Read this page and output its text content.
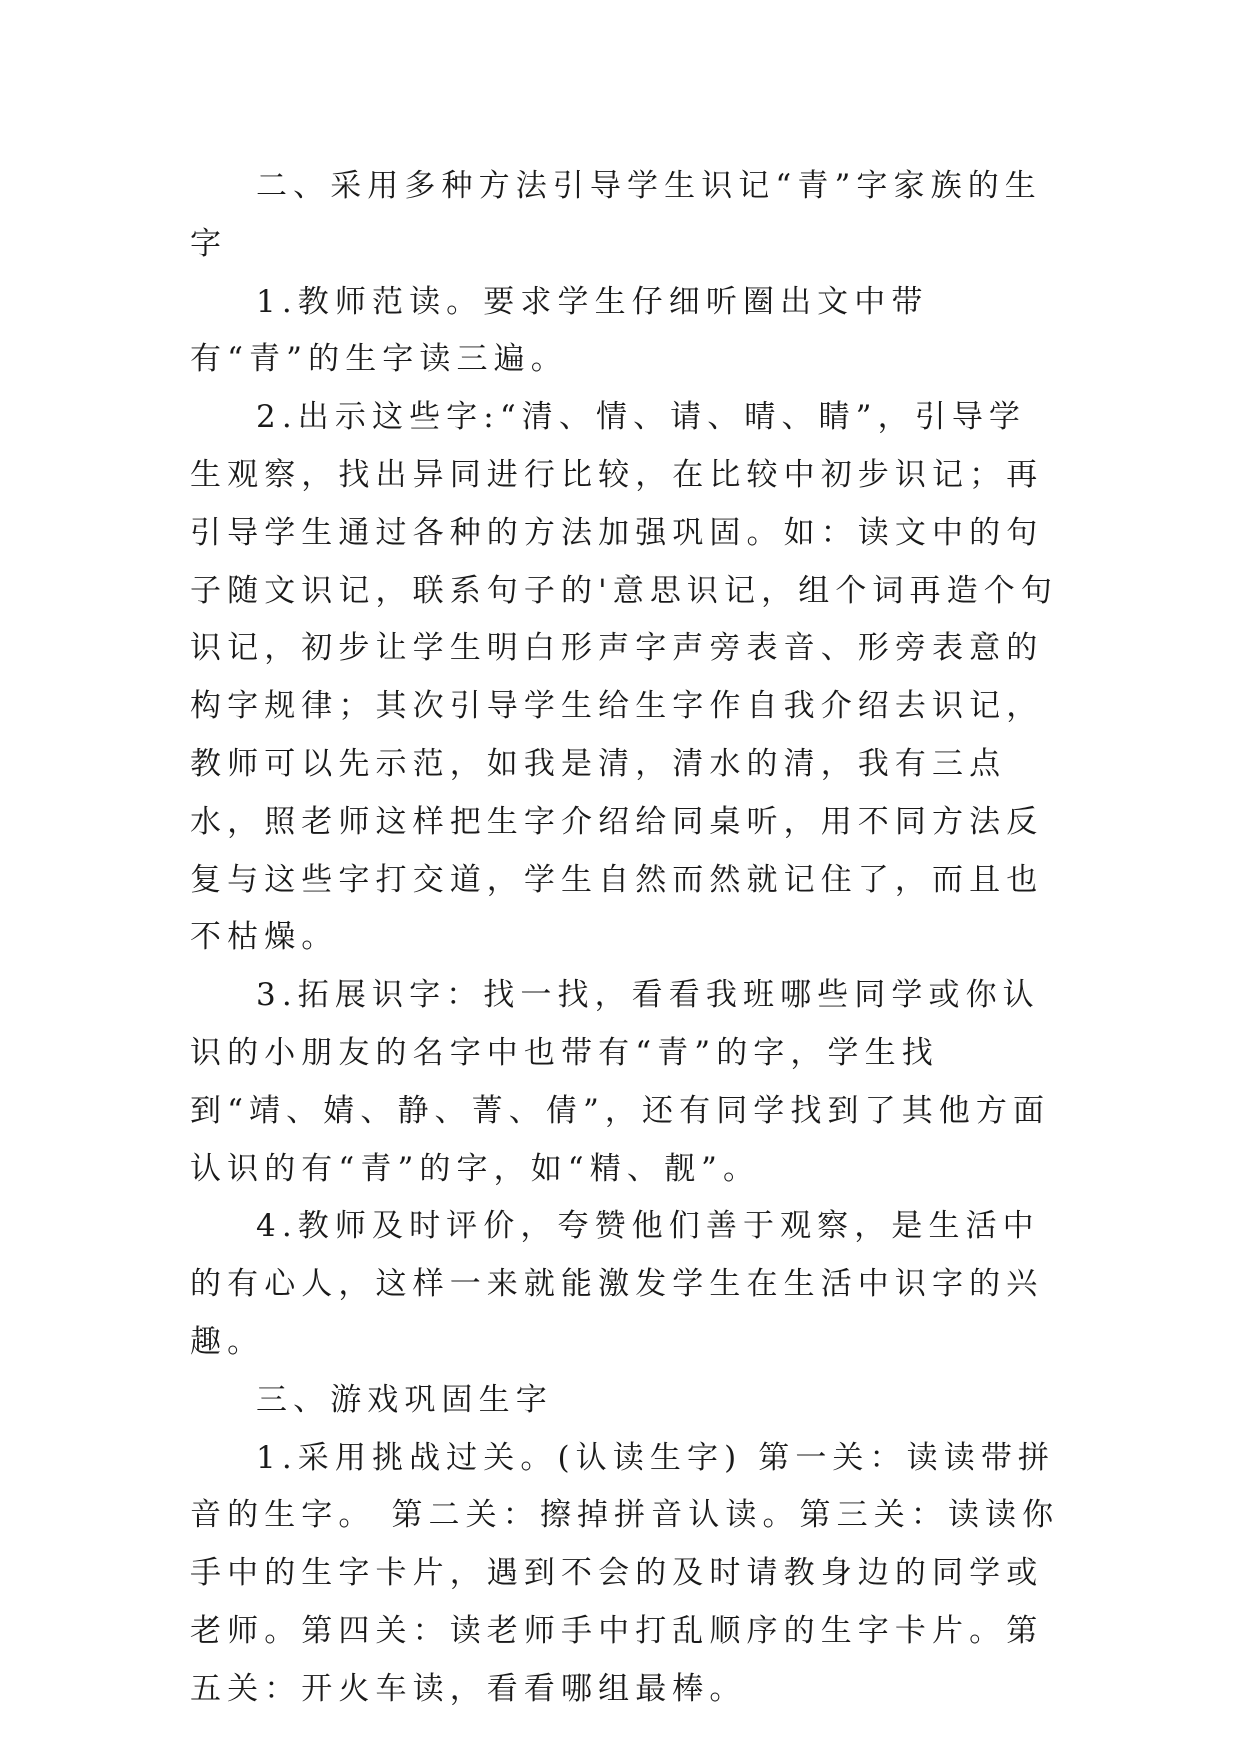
二、采用多种方法引导学生识记“青”字家族的生字

1.教师范读。要求学生仔细听圈出文中带有“青”的生字读三遍。

2.出示这些字:“清、情、请、晴、睛”，引导学生观察，找出异同进行比较，在比较中初步识记；再引导学生通过各种的方法加强巩固。如：读文中的句子随文识记，联系句子的'意思识记，组个词再造个句识记，初步让学生明白形声字声旁表音、形旁表意的构字规律；其次引导学生给生字作自我介绍去识记，教师可以先示范，如我是清，清水的清，我有三点水，照老师这样把生字介绍给同桌听，用不同方法反复与这些字打交道，学生自然而然就记住了，而且也不枯燥。

3.拓展识字：找一找，看看我班哪些同学或你认识的小朋友的名字中也带有“青”的字，学生找到“靖、婧、静、菁、倩”，还有同学找到了其他方面认识的有“青”的字，如“精、靓”。

4.教师及时评价，夸赞他们善于观察，是生活中的有心人，这样一来就能激发学生在生活中识字的兴趣。

三、游戏巩固生字

1.采用挑战过关。(认读生字) 第一关：读读带拼音的生字。 第二关：擦掉拼音认读。第三关：读读你手中的生字卡片，遇到不会的及时请教身边的同学或老师。第四关：读老师手中打乱顺序的生字卡片。第五关：开火车读，看看哪组最棒。
